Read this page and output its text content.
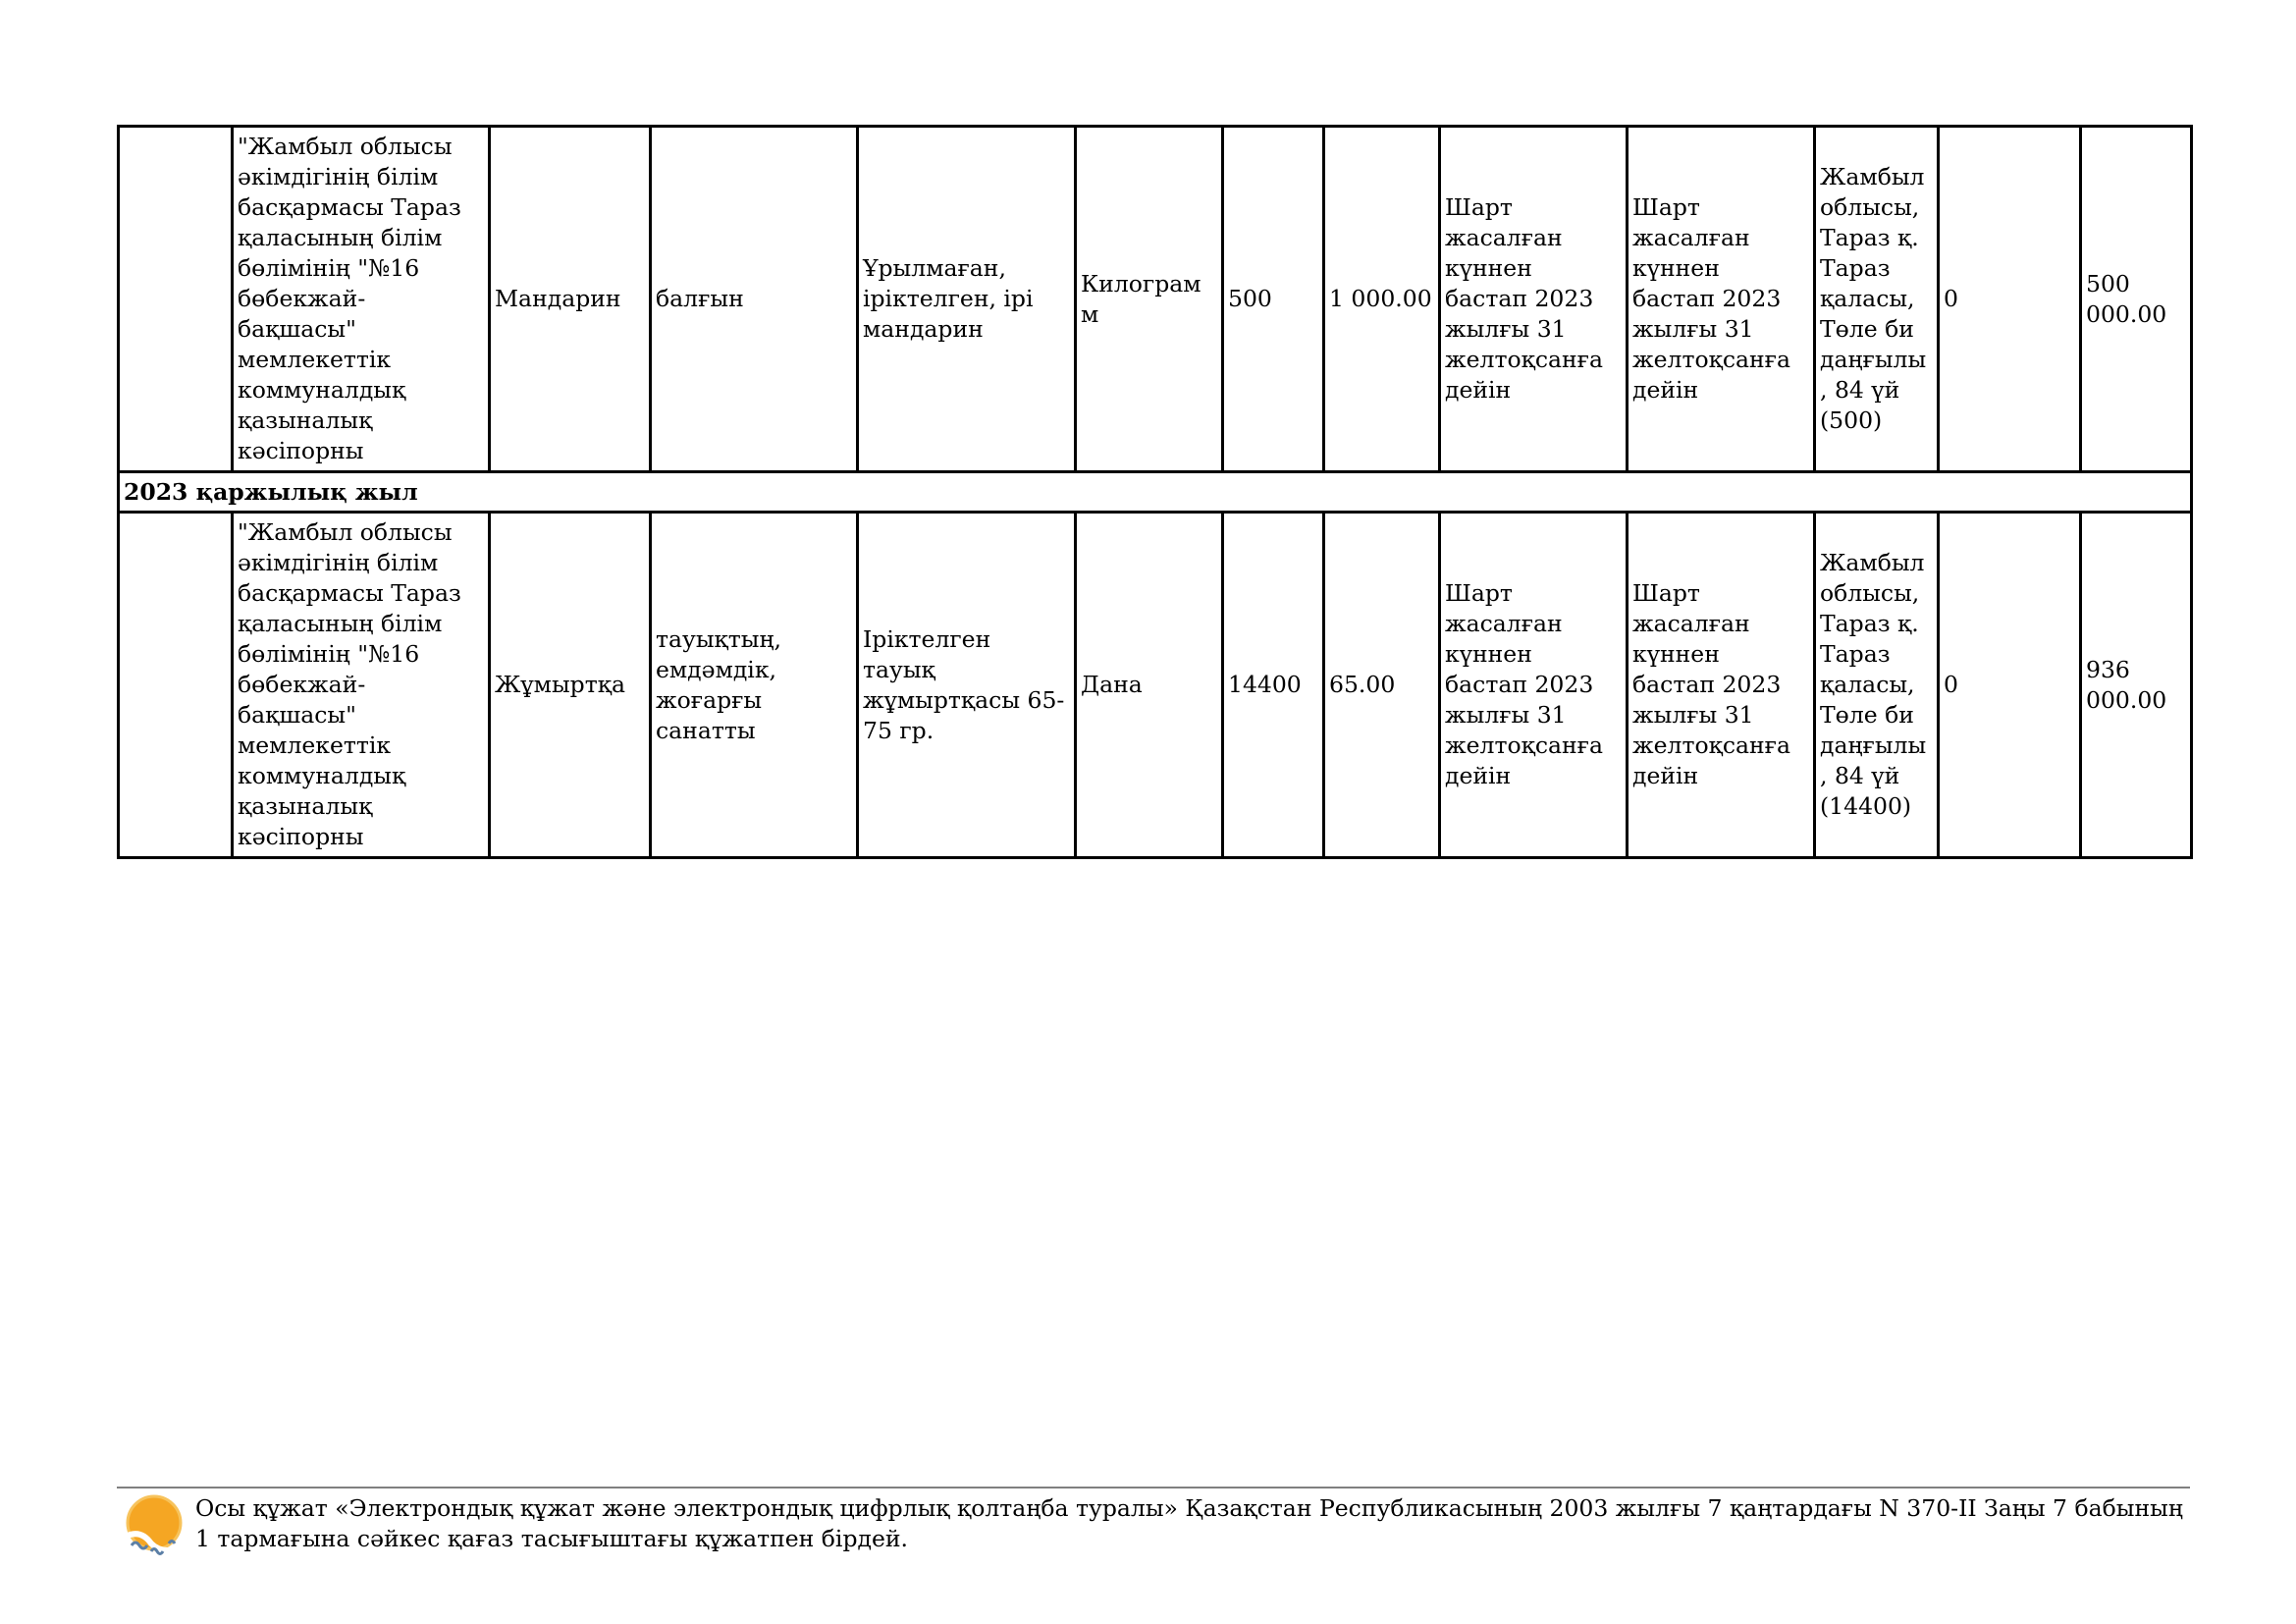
	"Жамбыл облысы әкімдігінің білім басқармасы Тараз қаласының білім бөлімінің "№16 бөбекжай-бақшасы" мемлекеттік коммуналдық қазыналық кәсіпорны	Мандарин	балғын	Ұрылмаған, іріктелген, ірі мандарин	Килограмм	500	1 000.00	Шарт жасалған күннен бастап 2023 жылғы 31 желтоқсанға дейін	Шарт жасалған күннен бастап 2023 жылғы 31 желтоқсанға дейін	Жамбыл облысы, Тараз қ. Тараз қаласы, Төле би даңғылы, 84 үй (500)	0	500 000.00
2023 қаржылық жыл												
	"Жамбыл облысы әкімдігінің білім басқармасы Тараз қаласының білім бөлімінің "№16 бөбекжай-бақшасы" мемлекеттік коммуналдық қазыналық кәсіпорны	Жұмыртқа	тауықтың, емдәмдік, жоғарғы санатты	Іріктелген тауық жұмыртқасы 65-75 гр.	Дана	14400	65.00	Шарт жасалған күннен бастап 2023 жылғы 31 желтоқсанға дейін	Шарт жасалған күннен бастап 2023 жылғы 31 желтоқсанға дейін	Жамбыл облысы, Тараз қ. Тараз қаласы, Төле би даңғылы, 84 үй (14400)	0	936 000.00
Осы құжат «Электрондық құжат және электрондық цифрлық қолтаңба туралы» Қазақстан Республикасының 2003 жылғы 7 қаңтардағы N 370-II Заңы 7 бабының 1 тармағына сәйкес қағаз тасығыштағы құжатпен бірдей.
